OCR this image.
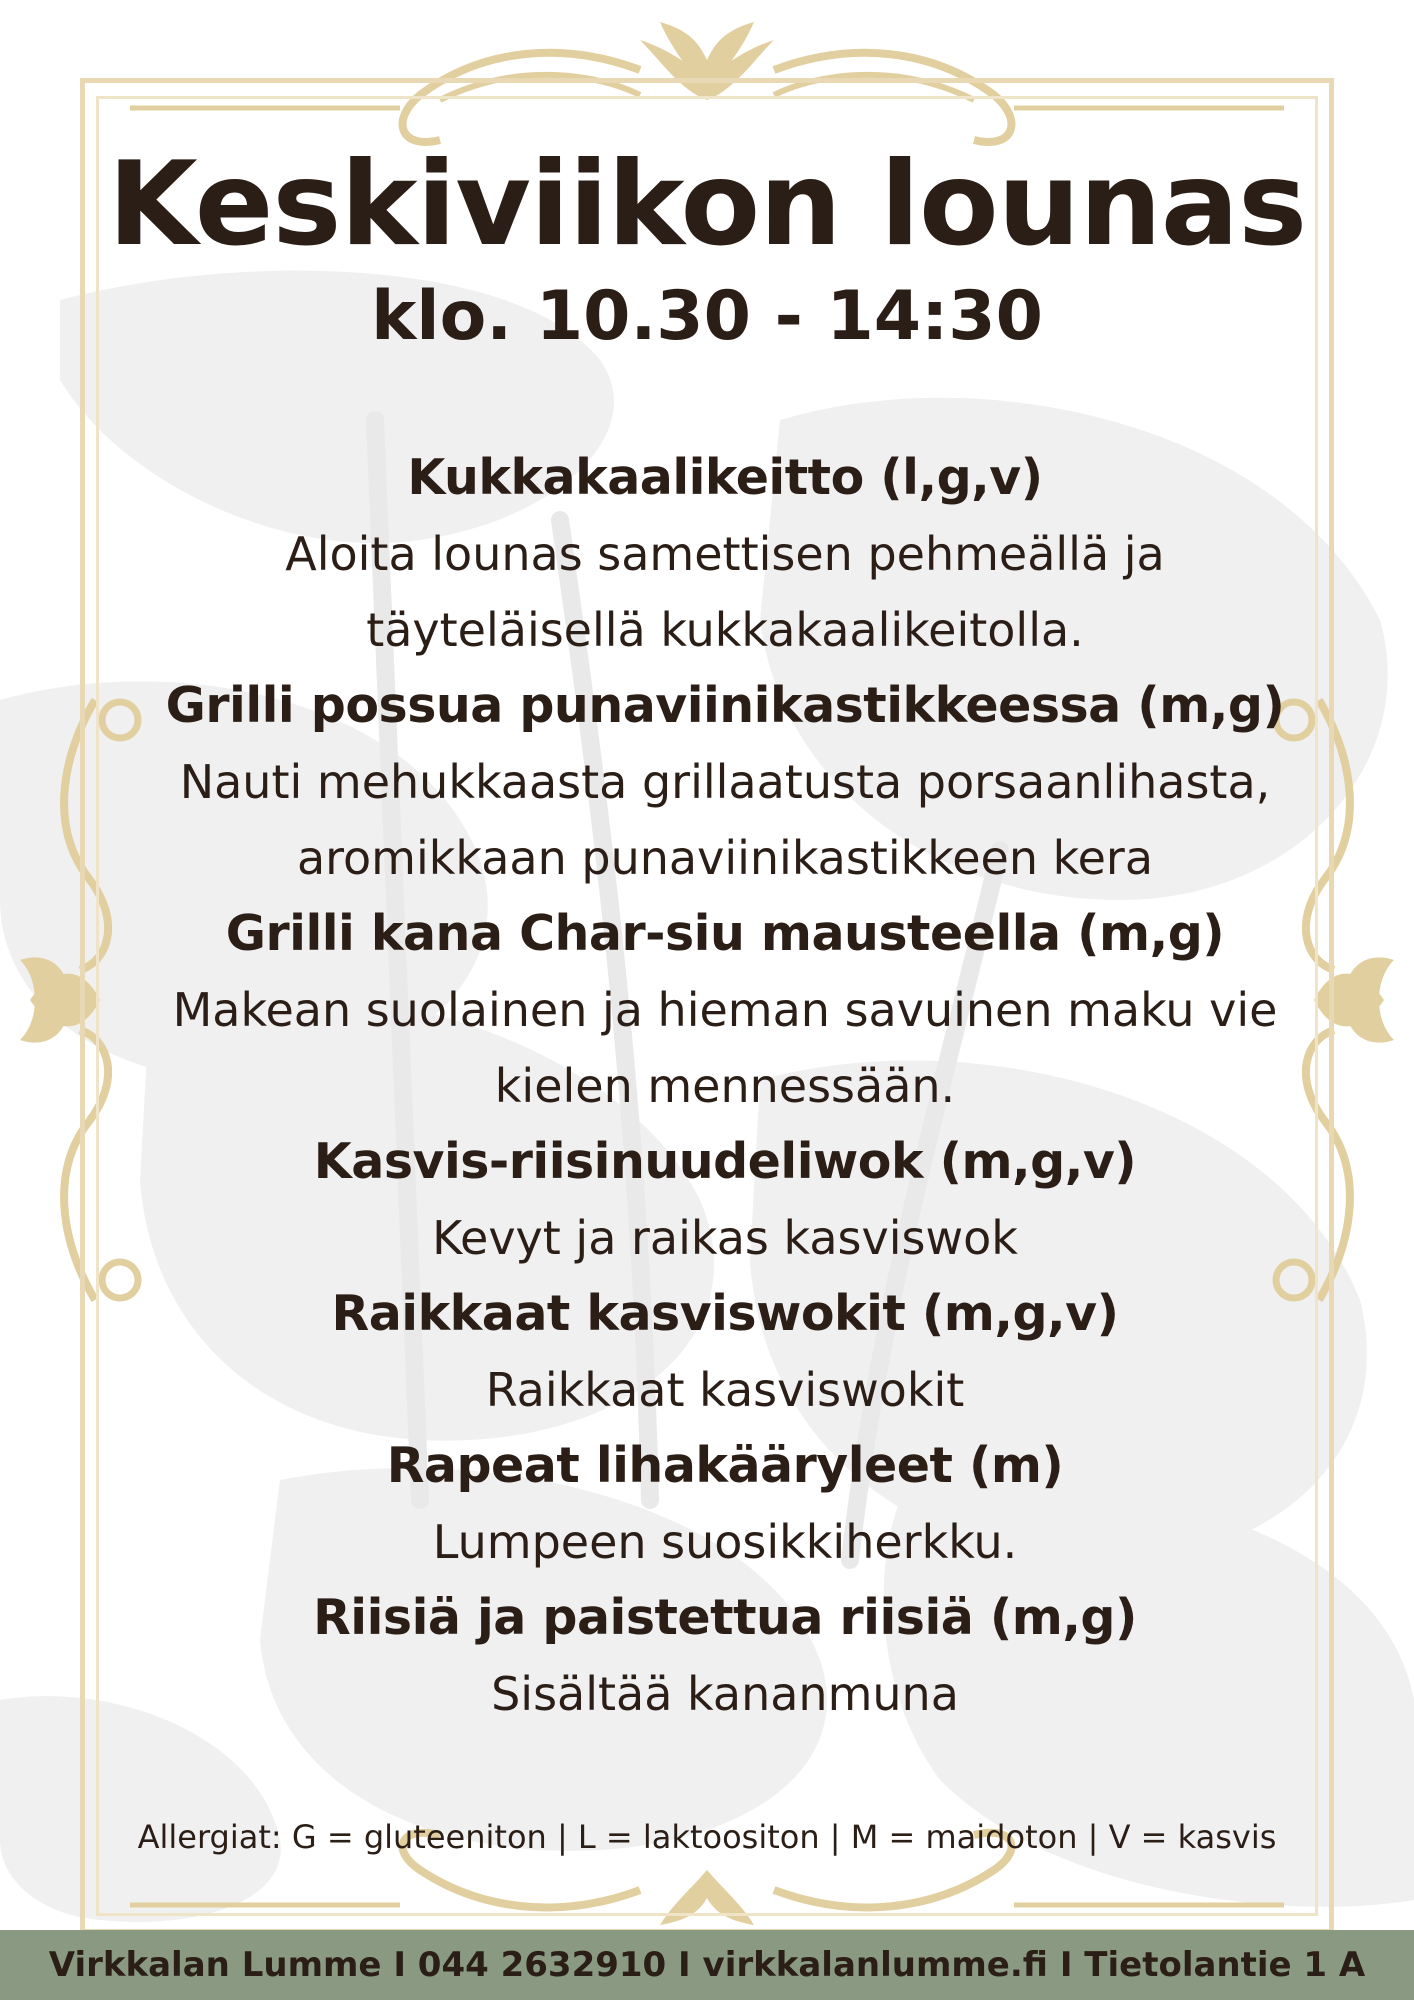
Keskiviikon lounas
klo. 10.30 - 14:30
Kukkakaalikeitto (l,g,v)
Aloita lounas samettisen pehmeällä ja
täyteläisellä kukkakaalikeitolla.
Grilli possua punaviinikastikkeessa (m,g)
Nauti mehukkaasta grillaatusta porsaanlihasta,
aromikkaan punaviinikastikkeen kera
Grilli kana Char-siu mausteella (m,g)
Makean suolainen ja hieman savuinen maku vie
kielen mennessään.
Kasvis-riisinuudeliwok (m,g,v)
Kevyt ja raikas kasviswok
Raikkaat kasviswokit (m,g,v)
Raikkaat kasviswokit
Rapeat lihakääryleet (m)
Lumpeen suosikkiherkku.
Riisiä ja paistettua riisiä (m,g)
Sisältää kananmuna
Allergiat: G = gluteeniton | L = laktoositon | M = maidoton | V = kasvis
Virkkalan Lumme I 044 2632910 I virkkalanlumme.fi I Tietolantie 1 A
